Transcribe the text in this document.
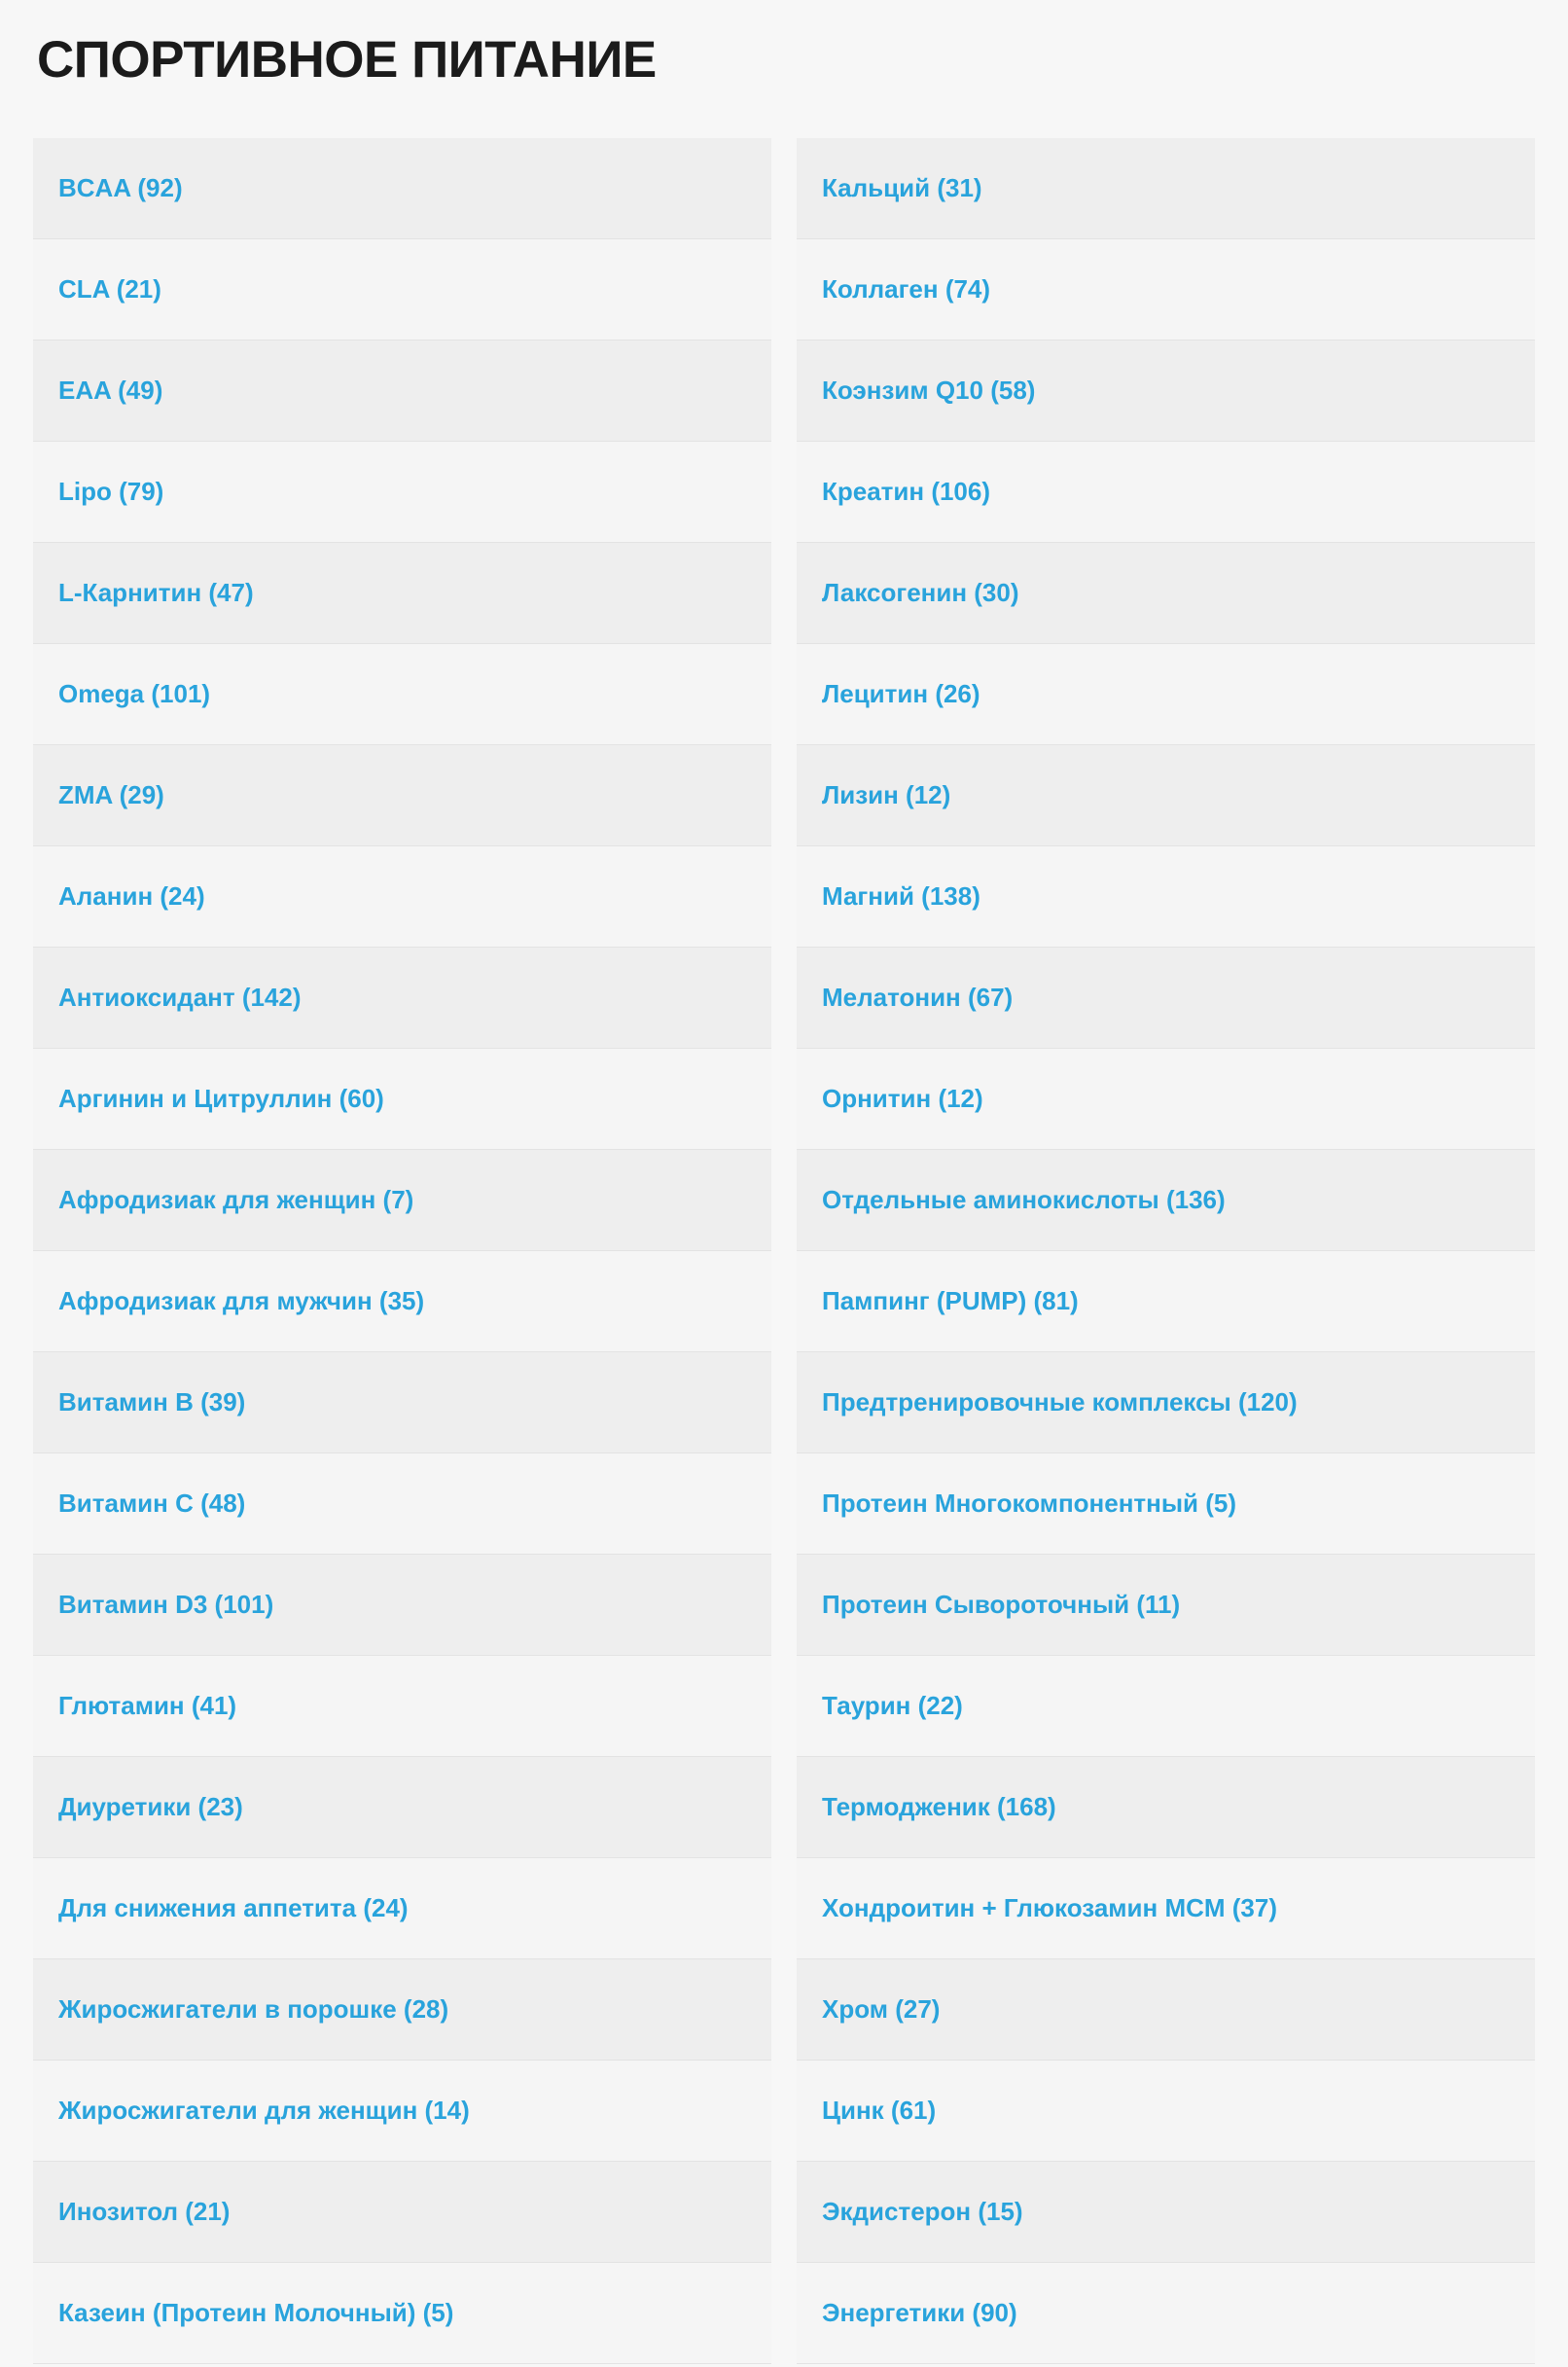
СПОРТИВНОЕ ПИТАНИЕ
BCAA (92)
CLA (21)
EAA (49)
Lipo (79)
L-Карнитин (47)
Omega (101)
ZMA (29)
Аланин (24)
Антиоксидант (142)
Аргинин и Цитруллин (60)
Афродизиак для женщин (7)
Афродизиак для мужчин (35)
Витамин B (39)
Витамин C (48)
Витамин D3 (101)
Глютамин (41)
Диуретики (23)
Для снижения аппетита (24)
Жиросжигатели в порошке (28)
Жиросжигатели для женщин (14)
Инозитол (21)
Казеин (Протеин Молочный) (5)
Кальций (31)
Коллаген (74)
Коэнзим Q10 (58)
Креатин (106)
Лаксогенин (30)
Лецитин (26)
Лизин (12)
Магний (138)
Мелатонин (67)
Орнитин (12)
Отдельные аминокислоты (136)
Пампинг (PUMP) (81)
Предтренировочные комплексы (120)
Протеин Многокомпонентный (5)
Протеин Сывороточный (11)
Таурин (22)
Термодженик (168)
Хондроитин + Глюкозамин MCM (37)
Хром (27)
Цинк (61)
Экдистерон (15)
Энергетики (90)
